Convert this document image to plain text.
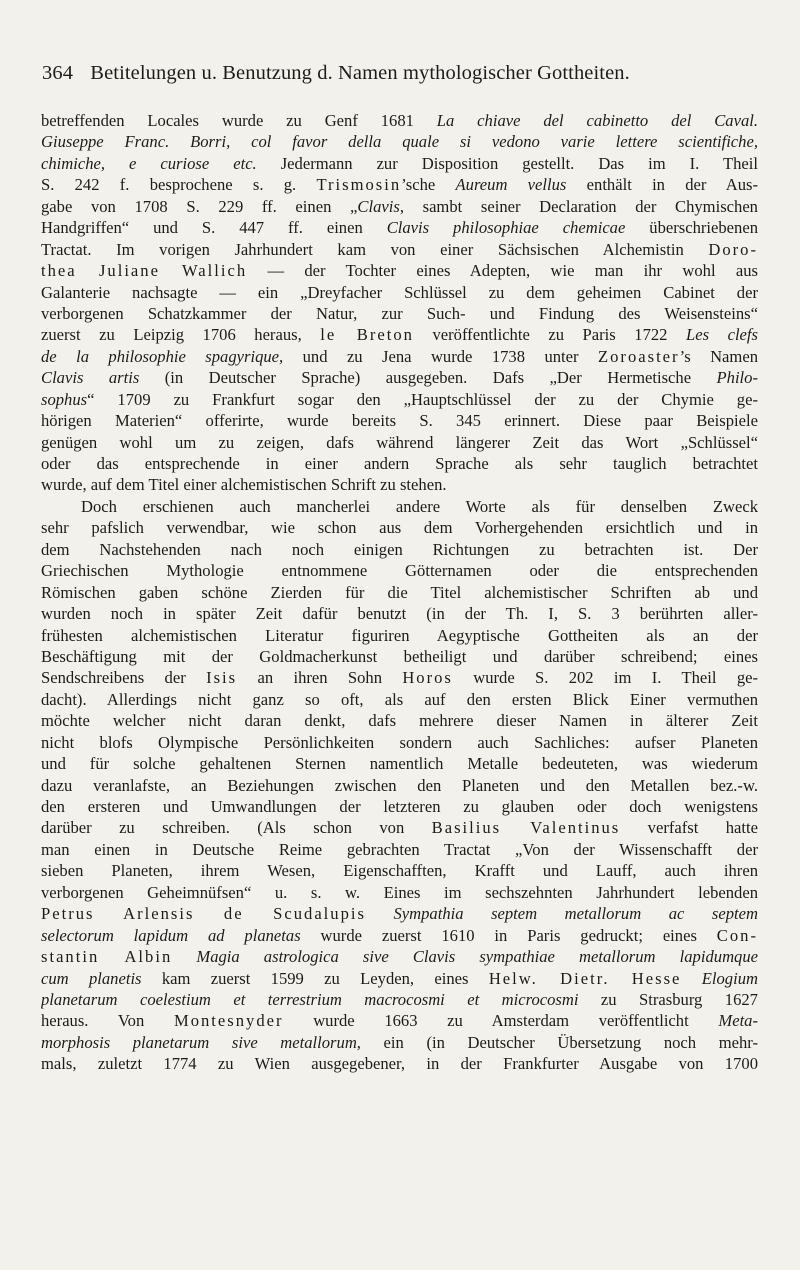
364 Betitelungen u. Benutzung d. Namen mythologischer Gottheiten.
betreffenden Locales wurde zu Genf 1681 La chiave del cabinetto del Caval.
Giuseppe Franc. Borri, col favor della quale si vedono varie lettere scientifiche,
chimiche, e curiose etc. Jedermann zur Disposition gestellt. Das im I. Theil
S. 242 f. besprochene s. g. Trismosin’sche Aureum vellus enthält in der Aus-
gabe von 1708 S. 229 ff. einen „Clavis, sambt seiner Declaration der Chymischen
Handgriffen“ und S. 447 ff. einen Clavis philosophiae chemicae überschriebenen
Tractat. Im vorigen Jahrhundert kam von einer Sächsischen Alchemistin Doro-
thea Juliane Wallich — der Tochter eines Adepten, wie man ihr wohl aus
Galanterie nachsagte — ein „Dreyfacher Schlüssel zu dem geheimen Cabinet der
verborgenen Schatzkammer der Natur, zur Such- und Findung des Weisensteins“
zuerst zu Leipzig 1706 heraus, le Breton veröffentlichte zu Paris 1722 Les clefs
de la philosophie spagyrique, und zu Jena wurde 1738 unter Zoroaster’s Namen
Clavis artis (in Deutscher Sprache) ausgegeben. Dafs „Der Hermetische Philo-
sophus“ 1709 zu Frankfurt sogar den „Hauptschlüssel der zu der Chymie ge-
hörigen Materien“ offerirte, wurde bereits S. 345 erinnert. Diese paar Beispiele
genügen wohl um zu zeigen, dafs während längerer Zeit das Wort „Schlüssel“
oder das entsprechende in einer andern Sprache als sehr tauglich betrachtet
wurde, auf dem Titel einer alchemistischen Schrift zu stehen.
Doch erschienen auch mancherlei andere Worte als für denselben Zweck
sehr pafslich verwendbar, wie schon aus dem Vorhergehenden ersichtlich und in
dem Nachstehenden nach noch einigen Richtungen zu betrachten ist. Der
Griechischen Mythologie entnommene Götternamen oder die entsprechenden
Römischen gaben schöne Zierden für die Titel alchemistischer Schriften ab und
wurden noch in später Zeit dafür benutzt (in der Th. I, S. 3 berührten aller-
frühesten alchemistischen Literatur figuriren Aegyptische Gottheiten als an der
Beschäftigung mit der Goldmacherkunst betheiligt und darüber schreibend; eines
Sendschreibens der Isis an ihren Sohn Horos wurde S. 202 im I. Theil ge-
dacht). Allerdings nicht ganz so oft, als auf den ersten Blick Einer vermuthen
möchte welcher nicht daran denkt, dafs mehrere dieser Namen in älterer Zeit
nicht blofs Olympische Persönlichkeiten sondern auch Sachliches: aufser Planeten
und für solche gehaltenen Sternen namentlich Metalle bedeuteten, was wiederum
dazu veranlafste, an Beziehungen zwischen den Planeten und den Metallen bez.-w.
den ersteren und Umwandlungen der letzteren zu glauben oder doch wenigstens
darüber zu schreiben. (Als schon von Basilius Valentinus verfafst hatte
man einen in Deutsche Reime gebrachten Tractat „Von der Wissenschafft der
sieben Planeten, ihrem Wesen, Eigenschafften, Krafft und Lauff, auch ihren
verborgenen Geheimnüfsen“ u. s. w. Eines im sechszehnten Jahrhundert lebenden
Petrus Arlensis de Scudalupis Sympathia septem metallorum ac septem
selectorum lapidum ad planetas wurde zuerst 1610 in Paris gedruckt; eines Con-
stantin Albin Magia astrologica sive Clavis sympathiae metallorum lapidumque
cum planetis kam zuerst 1599 zu Leyden, eines Helw. Dietr. Hesse Elogium
planetarum coelestium et terrestrium macrocosmi et microcosmi zu Strasburg 1627
heraus. Von Montesnyder wurde 1663 zu Amsterdam veröffentlicht Meta-
morphosis planetarum sive metallorum, ein (in Deutscher Übersetzung noch mehr-
mals, zuletzt 1774 zu Wien ausgegebener, in der Frankfurter Ausgabe von 1700
